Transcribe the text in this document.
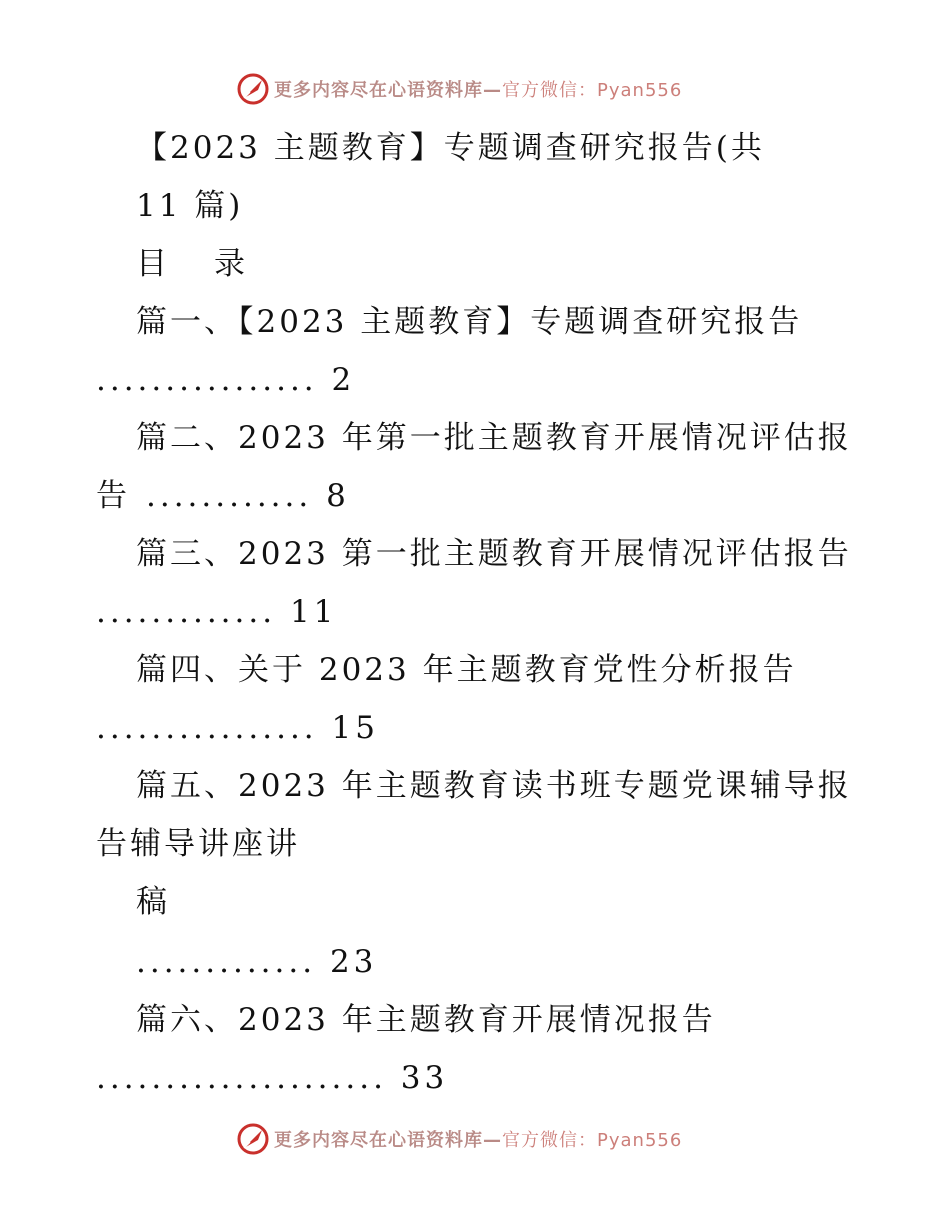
更多内容尽在心语资料库—官方微信：Pyan556
【2023 主题教育】专题调查研究报告(共
11 篇)
目　录
篇一、【2023 主题教育】专题调查研究报告
................ 2
篇二、2023 年第一批主题教育开展情况评估报
告 ............ 8
篇三、2023 第一批主题教育开展情况评估报告
............. 11
篇四、关于 2023 年主题教育党性分析报告
................ 15
篇五、2023 年主题教育读书班专题党课辅导报
告辅导讲座讲
稿
............. 23
篇六、2023 年主题教育开展情况报告
..................... 33
更多内容尽在心语资料库—官方微信：Pyan556
